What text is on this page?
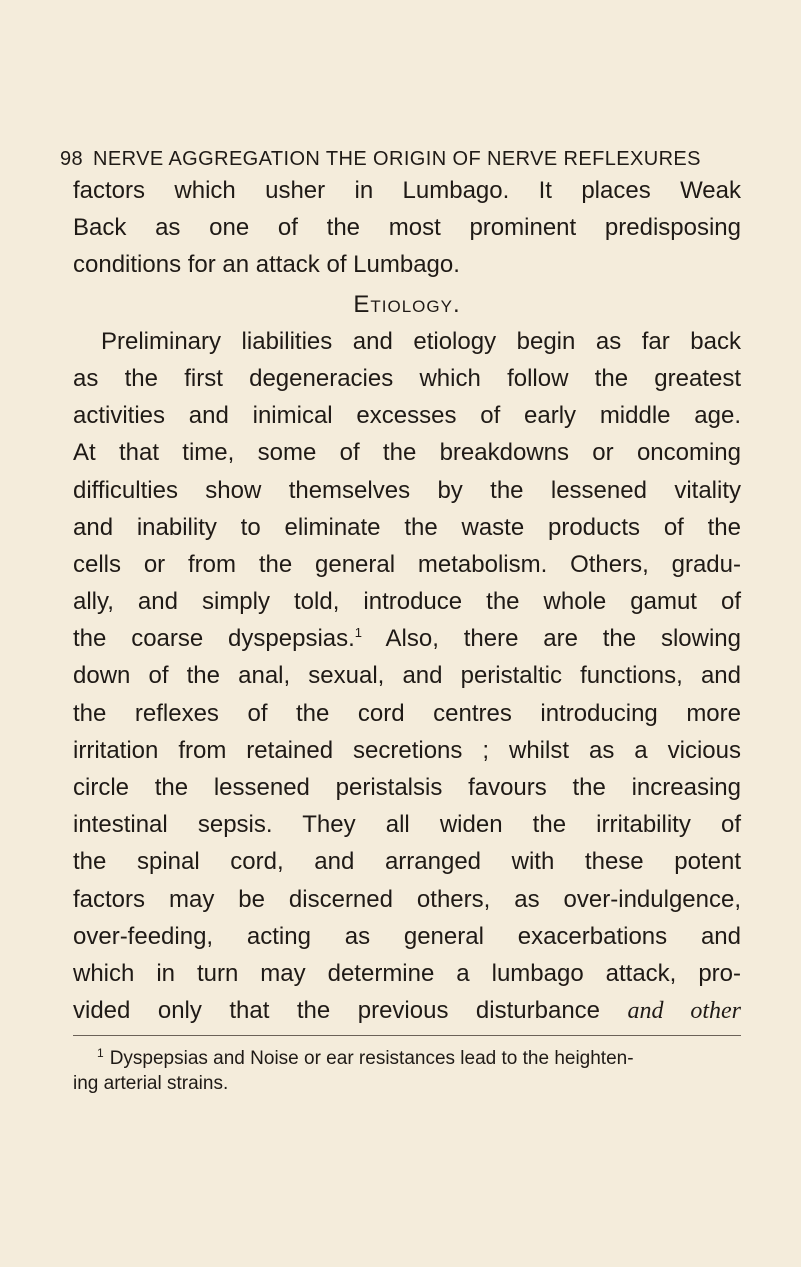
98 NERVE AGGREGATION THE ORIGIN OF NERVE REFLEXURES
factors which usher in Lumbago. It places Weak
Back as one of the most prominent predisposing
conditions for an attack of Lumbago.
Etiology.
Preliminary liabilities and etiology begin as far back
as the first degeneracies which follow the greatest
activities and inimical excesses of early middle age.
At that time, some of the breakdowns or oncoming
difficulties show themselves by the lessened vitality
and inability to eliminate the waste products of the
cells or from the general metabolism. Others, gradu-
ally, and simply told, introduce the whole gamut of
the coarse dyspepsias.$^1$ Also, there are the slowing
down of the anal, sexual, and peristaltic functions, and
the reflexes of the cord centres introducing more
irritation from retained secretions ; whilst as a vicious
circle the lessened peristalsis favours the increasing
intestinal sepsis. They all widen the irritability of
the spinal cord, and arranged with these potent
factors may be discerned others, as over-indulgence,
over-feeding, acting as general exacerbations and
which in turn may determine a lumbago attack, pro-
vided only that the previous disturbance and other
$^1$ Dyspepsias and Noise or ear resistances lead to the heighten-
ing arterial strains.
